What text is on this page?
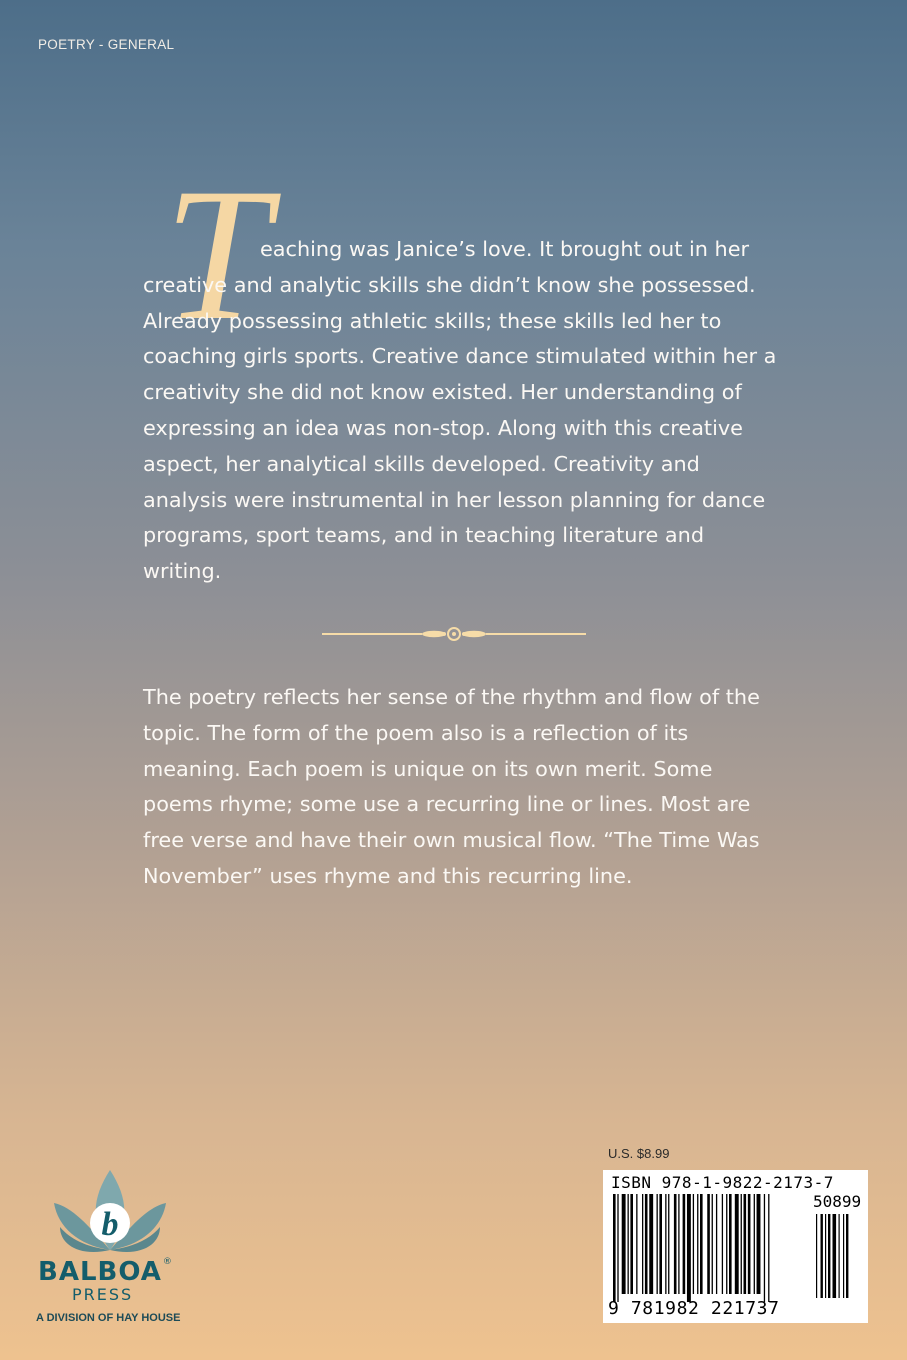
POETRY - GENERAL
T

eaching was Janice’s love. It brought out in her creative and analytic skills she didn’t know she possessed. Already possessing athletic skills; these skills led her to coaching girls sports. Creative dance stimulated within her a creativity she did not know existed. Her understanding of expressing an idea was non-stop. Along with this creative aspect, her analytical skills developed. Creativity and analysis were instrumental in her lesson planning for dance programs, sport teams, and in teaching literature and writing.

The poetry reflects her sense of the rhythm and flow of the topic. The form of the poem also is a reflection of its meaning. Each poem is unique on its own merit. Some poems rhyme; some use a recurring line or lines. Most are free verse and have their own musical flow. “The Time Was November” uses rhyme and this recurring line.

b
BALBOA®
PRESS
A DIVISION OF HAY HOUSE
U.S. $8.99
ISBN 978-1-9822-2173-7
50899
9 781982 221737
